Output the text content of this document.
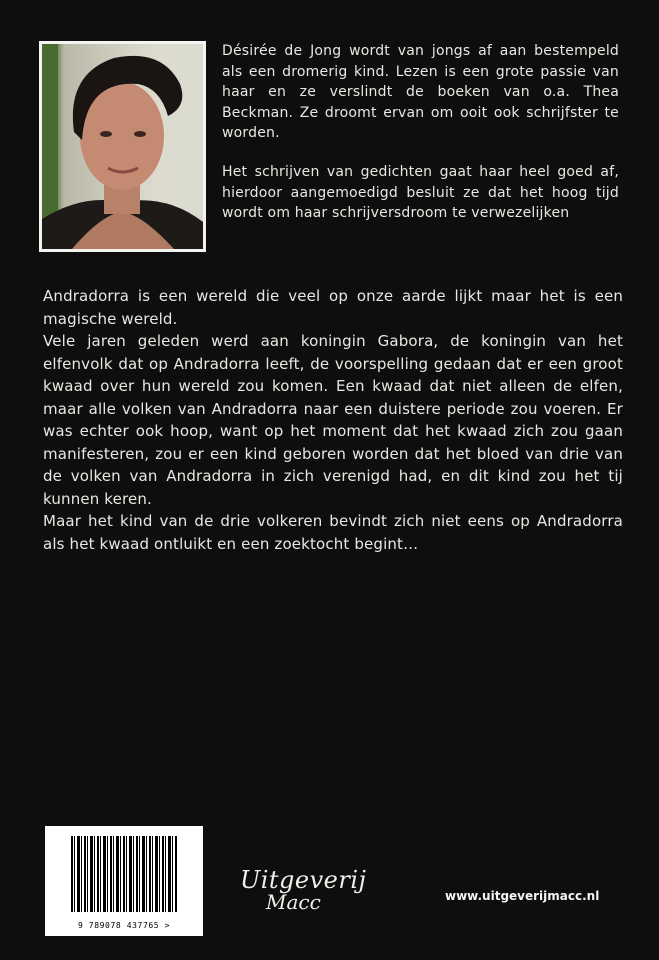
Désirée de Jong wordt van jongs af aan bestempeld als een dromerig kind. Lezen is een grote passie van haar en ze verslindt de boeken van o.a. Thea Beckman. Ze droomt ervan om ooit ook schrijfster te worden.

Het schrijven van gedichten gaat haar heel goed af, hierdoor aangemoedigd besluit ze dat het hoog tijd wordt om haar schrijversdroom te verwezelijken

Andradorra is een wereld die veel op onze aarde lijkt maar het is een magische wereld.

Vele jaren geleden werd aan koningin Gabora, de koningin van het elfenvolk dat op Andradorra leeft, de voorspelling gedaan dat er een groot kwaad over hun wereld zou komen. Een kwaad dat niet alleen de elfen, maar alle volken van Andradorra naar een duistere periode zou voeren. Er was echter ook hoop, want op het moment dat het kwaad zich zou gaan manifesteren, zou er een kind geboren worden dat het bloed van drie van de volken van Andradorra in zich verenigd had, en dit kind zou het tij kunnen keren.

Maar het kind van de drie volkeren bevindt zich niet eens op Andradorra als het kwaad ontluikt en een zoektocht begint…

9 789078 437765 >
Uitgeverij
Macc	www.uitgeverijmacc.nl
